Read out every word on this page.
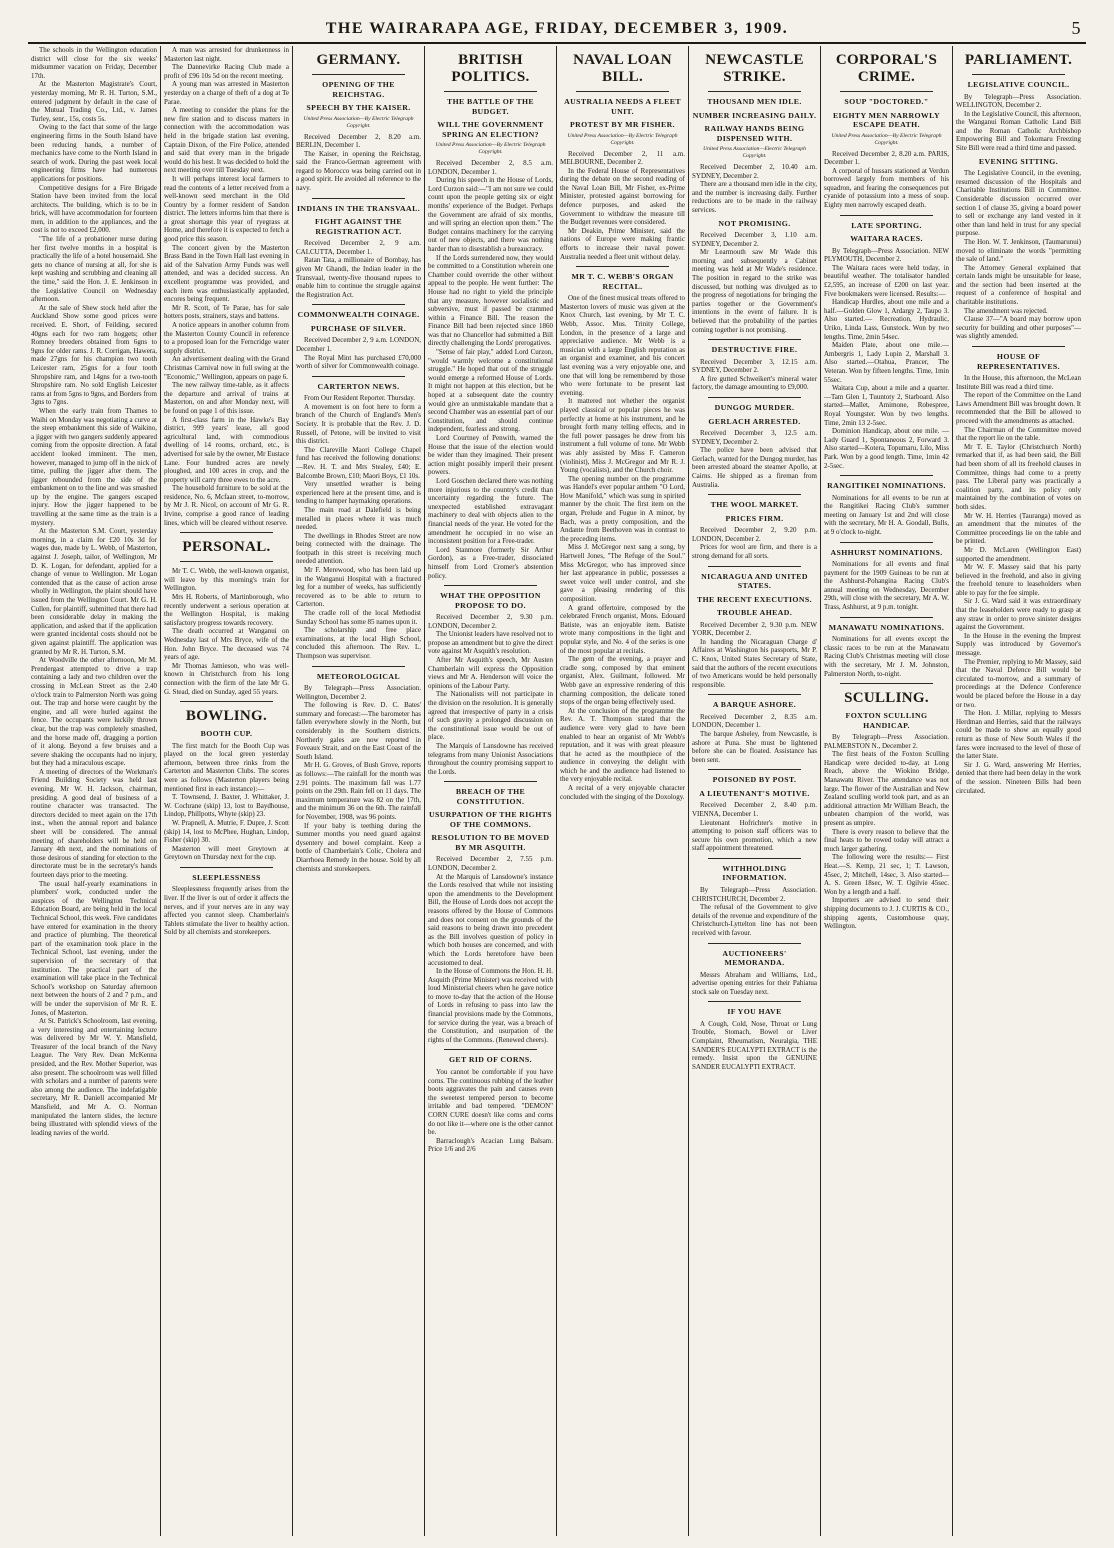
THE WAIRARAPA AGE, FRIDAY, DECEMBER 3, 1909.	5

The schools in the Wellington education district will close for the six weeks' midsummer vacation on Friday, December 17th.

At the Masterton Magistrate's Court, yesterday morning, Mr R. H. Turton, S.M., entered judgment by default in the case of the Mutual Trading Co., Ltd., v. James Turley, senr., 15s, costs 5s.

Owing to the fact that some of the large engineering firms in the South Island have been reducing hands, a number of mechanics have come to the North Island in search of work. During the past week local engineering firms have had numerous applications for positions.

Competitive designs for a Fire Brigade Station have been invited from the local architects. The building, which is to be in brick, will have accommodation for fourteen men, in addition to the appliances, and the cost is not to exceed £2,000.

"The life of a probationer nurse during her first twelve months in a hospital is practically the life of a hotel housemaid. She gets no chance of nursing at all, for she is kept washing and scrubbing and cleaning all the time," said the Hon. J. E. Jenkinson in the Legislative Council on Wednesday afternoon.

At the sale of Shew stock held after the Auckland Show some good prices were received. E. Short, of Feilding, secured 40gns each for two ram hoggets; other Romney breeders obtained from 6gns to 9gns for older rams. J. R. Corrigan, Hawera, made 27gns for his champion two tooth Leicester ram, 25gns for a four tooth Shropshire ram, and 14gns for a two-tooth Shropshire ram. No sold English Leicester rams at from 5gns to 9gns, and Borders from 3gns to 7gns.

When the early train from Thames to Waihi on Monday was negotiating a curve at the steep embankment this side of Waikino, a jigger with two gangers suddenly appeared coming from the opposite direction. A fatal accident looked imminent. The men, however, managed to jump off in the nick of time, pulling the jigger after them. The jigger rebounded from the side of the embankment on to the line and was smashed up by the engine. The gangers escaped injury. How the jigger happened to be travelling at the same time as the train is a mystery.

At the Masterton S.M. Court, yesterday morning, in a claim for £20 10s 3d for wages due, made by L. Webb, of Masterton, against J. Joseph, tailor, of Wellington, Mr D. K. Logan, for defendant, applied for a change of venue to Wellington. Mr Logan contended that as the cause of action arose wholly in Wellington, the plaint should have issued from the Wellington Court. Mr G. H. Cullen, for plaintiff, submitted that there had been considerable delay in making the application, and asked that if the application were granted incidental costs should not be given against plaintiff. The application was granted by Mr R. H. Turton, S.M.

At Woodville the other afternoon, Mr M. Prendergast attempted to drive a trap containing a lady and two children over the crossing in McLean Street as the 2.40 o'clock train to Palmerston North was going out. The trap and horse were caught by the engine, and all were hurled against the fence. The occupants were luckily thrown clear, but the trap was completely smashed, and the horse made off, dragging a portion of it along. Beyond a few bruises and a severe shaking the occupants had no injury, but they had a miraculous escape.

A meeting of directors of the Workman's Friend Building Society was held last evening, Mr W. H. Jackson, chairman, presiding. A good deal of business of a routine character was transacted. The directors decided to meet again on the 17th inst., when the annual report and balance sheet will be considered. The annual meeting of shareholders will be held on January 4th next, and the nominations of those desirous of standing for election to the directorate must be in the secretary's hands fourteen days prior to the meeting.

The usual half-yearly examinations in plumbers' work, conducted under the auspices of the Wellington Technical Education Board, are being held in the local Technical School, this week. Five candidates have entered for examination in the theory and practice of plumbing. The theoretical part of the examination took place in the Technical School, last evening, under the supervision of the secretary of that institution. The practical part of the examination will take place in the Technical School's workshop on Saturday afternoon next between the hours of 2 and 7 p.m., and will be under the supervision of Mr R. E. Jones, of Masterton.

At St. Patrick's Schoolroom, last evening, a very interesting and entertaining lecture was delivered by Mr W. Y. Mansfield, Treasurer of the local branch of the Navy League. The Very Rev. Dean McKenna presided, and the Rev. Mother Superior, was also present. The schoolroom was well filled with scholars and a number of parents were also among the audience. The indefatigable secretary, Mr R. Daniell accompanied Mr Mansfield, and Mr A. O. Norman manipulated the lantern slides, the lecture being illustrated with splendid views of the leading navies of the world.

A man was arrested for drunkenness in Masterton last night.

The Dannevirke Racing Club made a profit of £96 10s 5d on the recent meeting.

A young man was arrested in Masterton yesterday on a charge of theft of a dog at Te Parae.

A meeting to consider the plans for the new fire station and to discuss matters in connection with the accommodation was held in the brigade station last evening, Captain Dixon, of the Fire Police, attended and said that every man in the brigade would do his best. It was decided to hold the next meeting over till Tuesday next.

It will perhaps interest local farmers to read the contents of a letter received from a well-known seed merchant in the Old Country by a former resident of Sandon district. The letters informs him that there is a great shortage this year of ryegrass at Home, and therefore it is expected to fetch a good price this season.

The concert given by the Masterton Brass Band in the Town Hall last evening in aid of the Salvation Army Funds was well attended, and was a decided success. An excellent programme was provided, and each item was enthusiastically applauded, encores being frequent.

Mr R. Scott, of Te Parae, has for sale hotters posts, strainers, stays and battens.

A notice appears in another column from the Masterton County Council in reference to a proposed loan for the Ferncridge water supply district.

An advertisement dealing with the Grand Christmas Carnival now in full swing at the "Economic," Wellington, appears on page 6.

The new railway time-table, as it affects the departure and arrival of trains at Masterton, on and after Monday next, will be found on page 1 of this issue.

A first-class farm in the Hawke's Bay district, 999 years' lease, all good agricultural land, with commodious dwelling of 14 rooms, orchard, etc., is advertised for sale by the owner, Mr Eustace Lane. Four hundred acres are newly ploughed, and 100 acres in crop, and the property will carry three ewes to the acre.

The household furniture to be sold at the residence, No. 6, Mcfaan street, to-morrow, by Mr J. R. Nicol, on account of Mr G. R. Irvine, comprise a good rance of leading lines, which will be cleared without reserve.

PERSONAL.

Mr T. C. Webb, the well-known organist, will leave by this morning's train for Wellington.

Mrs H. Roberts, of Martinborough, who recently underwent a serious operation at the Wellington Hospital, is making satisfactory progress towards recovery.

The death occurred at Wanganui on Wednesday last of Mrs Bryce, wife of the Hon. John Bryce. The deceased was 74 years of age.

Mr Thomas Jamieson, who was well-known in Christchurch from his long connection with the firm of the late Mr G. G. Stead, died on Sunday, aged 55 years.

BOWLING.
BOOTH CUP.

The first match for the Booth Cup was played on the local green yesterday afternoon, between three rinks from the Carterton and Masterton Clubs. The scores were as follows (Masterton players being mentioned first in each instance):—

T. Townsend, J. Baxter, J. Whittaker, J. W. Cochrane (skip) 13, lost to Baydhouse, Lindop, Phillpotts, Whyte (skip) 23.

W. Prapnell, A. Mutrie, F. Dupre, J. Scott (skip) 14, lost to McPhee, Hughan, Lindop, Fisher (skip) 30.

Masterton will meet Greytown at Greytown on Thursday next for the cup.

SLEEPLESSNESS

Sleeplessness frequently arises from the liver. If the liver is out of order it affects the nerves, and if your nerves are in any way affected you cannot sleep. Chamberlain's Tablets stimulate the liver to healthy action. Sold by all chemists and storekeepers.

GERMANY.
OPENING OF THE REICHSTAG.
SPEECH BY THE KAISER.
United Press Association—By Electric Telegraph Copyright.

Received December 2, 8.20 a.m. BERLIN, December 1.

The Kaiser, in opening the Reichstag, said the Franco-German agreement with regard to Morocco was being carried out in a good spirit. He avoided all reference to the navy.

INDIANS IN THE TRANSVAAL.
FIGHT AGAINST THE REGISTRATION ACT.

Received December 2, 9 a.m. CALCUTTA, December 1.

Ratan Tata, a millionaire of Bombay, has given Mr Ghandi, the Indian leader in the Transvaal, twenty-five thousand rupees to enable him to continue the struggle against the Registration Act.

COMMONWEALTH COINAGE.
PURCHASE OF SILVER.

Received December 2, 9 a.m. LONDON, December 1.

The Royal Mint has purchased £70,000 worth of silver for Commonwealth coinage.

CARTERTON NEWS.

From Our Resident Reporter. Thursday.

A movement is on foot here to form a branch of the Church of England's Men's Society. It is probable that the Rev. J. D. Russell, of Petone, will be invited to visit this district.

The Clareville Maori College Chapel fund has received the following donations:—Rev. H. T. and Mrs Stealey, £40; E. Balcombe Brown, £10; Maori Boys, £1 10s.

Very unsettled weather is being experienced here at the present time, and is tending to hamper haymaking operations.

The main road at Dalefield is being metalled in places where it was much needed.

The dwellings in Rhodes Street are now being connected with the drainage. The footpath in this street is receiving much needed attention.

Mr F. Merewood, who has been laid up in the Wanganui Hospital with a fractured leg for a number of weeks, has sufficiently recovered as to be able to return to Carterton.

The cradle roll of the local Methodist Sunday School has some 85 names upon it.

The scholarship and free place examinations, at the local High School, concluded this afternoon. The Rev. L. Thompson was supervisor.

METEOROLOGICAL

By Telegraph—Press Association. Wellington, December 2.

The following is Rev. D. C. Bates' summary and forecast:—The barometer has fallen everywhere slowly in the North, but considerably in the Southern districts. Northerly gales are now reported in Foveaux Strait, and on the East Coast of the South Island.

Mr H. G. Groves, of Bush Grove, reports as follows:—The rainfall for the month was 2.91 points. The maximum fall was 1.77 points on the 29th. Rain fell on 11 days. The maximum temperature was 82 on the 17th, and the minimum 36 on the 6th. The rainfall for November, 1908, was 96 points.

If your baby is teething during the Summer months you need guard against dysentery and bowel complaint. Keep a bottle of Chamberlain's Colic, Cholera and Diarrhoea Remedy in the house. Sold by all chemists and storekeepers.

BRITISH POLITICS.
THE BATTLE OF THE BUDGET.
WILL THE GOVERNMENT SPRING AN ELECTION?
United Press Association—By Electric Telegraph Copyright.

Received December 2, 8.5 a.m. LONDON, December 1.

During his speech in the House of Lords, Lord Curzon said:—"I am not sure we could count upon the people getting six or eight months' experience of the Budget. Perhaps the Government are afraid of six months, and will spring an election upon them." The Budget contains machinery for the carrying out of new objects, and there was nothing harder than to disestablish a bureaucracy.

If the Lords surrendered now, they would be committed to a Constitution wherein one Chamber could override the other without appeal to the people. He went further: The House had no right to yield the principle that any measure, however socialistic and subversive, must if passed be crammed within a Finance Bill. The reason the Finance Bill had been rejected since 1860 was that no Chancellor had submitted a Bill directly challenging the Lords' prerogatives.

"Sense of fair play," added Lord Curzon, "would warmly welcome a constitutional struggle." He hoped that out of the struggle would emerge a reformed House of Lords. It might not happen at this election, but he hoped at a subsequent date the country would give an unmistakable mandate that a second Chamber was an essential part of our Constitution, and should continue independent, fearless and strong.

Lord Courtney of Penwith, warned the House that the issue of the election would be wider than they imagined. Their present action might possibly imperil their present powers.

Lord Goschen declared there was nothing more injurious to the country's credit than uncertainty regarding the future. The unexpected established extravagant machinery to deal with objects alien to the financial needs of the year. He voted for the amendment he occupied in no wise an inconsistent position for a Free-trader.

Lord Stanmore (formerly Sir Arthur Gordon), as a Free-trader, dissociated himself from Lord Cromer's abstention policy.

WHAT THE OPPOSITION PROPOSE TO DO.

Received December 2, 9.30 p.m. LONDON, December 2.

The Unionist leaders have resolved not to propose an amendment but to give the direct vote against Mr Asquith's resolution.

After Mr Asquith's speech, Mr Austen Chamberlain will express the Opposition views and Mr A. Henderson will voice the opinions of the Labour Party.

The Nationalists will not participate in the division on the resolution. It is generally agreed that irrespective of party in a crisis of such gravity a prolonged discussion on the constitutional issue would be out of place.

The Marquis of Lansdowne has received telegrams from many Unionist Associations throughout the country promising support to the Lords.

BREACH OF THE CONSTITUTION.
USURPATION OF THE RIGHTS OF THE COMMONS.
RESOLUTION TO BE MOVED BY MR ASQUITH.

Received December 2, 7.55 p.m. LONDON, December 2.

At the Marquis of Lansdowne's instance the Lords resolved that while not insisting upon the amendments to the Development Bill, the House of Lords does not accept the reasons offered by the House of Commons and does not consent on the grounds of the said reasons to being drawn into precedent as the Bill involves question of policy in which both houses are concerned, and with which the Lords heretofore have been accustomed to deal.

In the House of Commons the Hon. H. H. Asquith (Prime Minister) was received with loud Ministerial cheers when he gave notice to move to-day that the action of the House of Lords in refusing to pass into law the financial provisions made by the Commons, for service during the year, was a breach of the Constitution, and usurpation of the rights of the Commons. (Renewed cheers).

GET RID OF CORNS.

You cannot be comfortable if you have corns. The continuous rubbing of the leather boots aggravates the pain and causes even the sweetest tempered person to become irritable and bad tempered. "DEMON" CORN CURE doesn't like corns and corns do not like it—where one is the other cannot be.

Barraclough's Acacian Lung Balsam. Price 1/6 and 2/6

NAVAL LOAN BILL.
AUSTRALIA NEEDS A FLEET UNIT.
PROTEST BY MR FISHER.
United Press Association—By Electric Telegraph Copyright.

Received December 2, 11 a.m. MELBOURNE, December 2.

In the Federal House of Representatives during the debate on the second reading of the Naval Loan Bill, Mr Fisher, ex-Prime Minister, protested against borrowing for defence purposes, and asked the Government to withdraw the measure till the Budget revenues were considered.

Mr Deakin, Prime Minister, said the nations of Europe were making frantic efforts to increase their naval power. Australia needed a fleet unit without delay.

MR T. C. WEBB'S ORGAN RECITAL.

One of the finest musical treats offered to Masterton lovers of music was given at the Knox Church, last evening, by Mr T. C. Webb, Assoc. Mus. Trinity College, London, in the presence of a large and appreciative audience. Mr Webb is a musician with a large English reputation as an organist and examiner, and his concert last evening was a very enjoyable one, and one that will long be remembered by those who were fortunate to be present last evening.

It mattered not whether the organist played classical or popular pieces he was perfectly at home at his instrument, and he brought forth many telling effects, and in the full power passages he drew from his instrument a full volume of tone. Mr Webb was ably assisted by Miss F. Cameron (violinist), Miss J. McGregor and Mr R. J. Young (vocalists), and the Church choir.

The opening number on the programme was Handel's ever popular anthem "O Lord, How Manifold," which was sung in spirited manner by the choir. The first item on the organ, Prelude and Fugue in A minor, by Bach, was a pretty composition, and the Andante from Beethoven was in contrast to the preceding items.

Miss J. McGregor next sang a song, by Hartwell Jones, "The Refuge of the Soul." Miss McGregor, who has improved since her last appearance in public, possesses a sweet voice well under control, and she gave a pleasing rendering of this composition.

A grand offertoire, composed by the celebrated French organist, Mons. Edouard Batiste, was an enjoyable item. Batiste wrote many compositions in the light and popular style, and No. 4 of the series is one of the most popular at recitals.

The gem of the evening, a prayer and cradle song, composed by that eminent organist, Alex. Guilmant, followed. Mr Webb gave an expressive rendering of this charming composition, the delicate toned stops of the organ being effectively used.

At the conclusion of the programme the Rev. A. T. Thompson stated that the audience were very glad to have been enabled to hear an organist of Mr Webb's reputation, and it was with great pleasure that he acted as the mouthpiece of the audience in conveying the delight with which he and the audience had listened to the very enjoyable recital.

A recital of a very enjoyable character concluded with the singing of the Doxology.

NEWCASTLE STRIKE.
THOUSAND MEN IDLE.
NUMBER INCREASING DAILY.
RAILWAY HANDS BEING DISPENSED WITH.
United Press Association—Electric Telegraph Copyright.

Received December 2, 10.40 a.m. SYDNEY, December 2.

There are a thousand men idle in the city, and the number is increasing daily. Further reductions are to be made in the railway services.

NOT PROMISING.

Received December 3, 1.10 a.m. SYDNEY, December 2.

Mr Learmouth saw Mr Wade this morning and subsequently a Cabinet meeting was held at Mr Wade's residence. The position in regard to the strike was discussed, but nothing was divulged as to the progress of negotiations for bringing the parties together or the Government's intentions in the event of failure. It is believed that the probability of the parties coming together is not promising.

DESTRUCTIVE FIRE.

Received December 3, 12.15 a.m. SYDNEY, December 2.

A fire gutted Schweikert's mineral water factory, the damage amounting to £9,000.

DUNGOG MURDER.
GERLACH ARRESTED.

Received December 3, 12.5 a.m. SYDNEY, December 2.

The police have been advised that Gerlach, wanted for the Dungog murder, has been arrested aboard the steamer Apollo, at Cairns. He shipped as a fireman from Australia.

THE WOOL MARKET.
PRICES FIRM.

Received December 2, 9.20 p.m. LONDON, December 2.

Prices for wool are firm, and there is a strong demand for all sorts.

NICARAGUA AND UNITED STATES.
THE RECENT EXECUTIONS.
TROUBLE AHEAD.

Received December 2, 9.30 p.m. NEW YORK, December 2.

In handing the Nicaraguan Charge d' Affaires at Washington his passports, Mr P. C. Knox, United States Secretary of State, said that the authors of the recent executions of two Americans would be held personally responsible.

A BARQUE ASHORE.

Received December 2, 8.35 a.m. LONDON, December 1.

The barque Asheley, from Newcastle, is ashore at Puna. She must be lightened before she can be floated. Assistance has been sent.

POISONED BY POST.
A LIEUTENANT'S MOTIVE.

Received December 2, 8.40 p.m. VIENNA, December 1.

Lieutenant Hofrichter's motive in attempting to poison staff officers was to secure his own promotion, which a new staff appointment threatened.

WITHHOLDING INFORMATION.

By Telegraph—Press Association. CHRISTCHURCH, December 2.

The refusal of the Government to give details of the revenue and expenditure of the Christchurch-Lyttelton line has not been received with favour.

AUCTIONEERS' MEMORANDA.

Messrs Abraham and Williams, Ltd., advertise opening entries for their Pahiatua stock sale on Tuesday next.

IF YOU HAVE

A Cough, Cold, Nose, Throat or Lung Trouble, Stomach, Bowel or Liver Complaint, Rheumatism, Neuralgia, THE SANDER'S EUCALYPTI EXTRACT is the remedy. Insist upon the GENUINE SANDER EUCALYPTI EXTRACT.

CORPORAL'S CRIME.
SOUP "DOCTORED."
EIGHTY MEN NARROWLY ESCAPE DEATH.
United Press Association—By Electric Telegraph Copyright.

Received December 2, 8.20 a.m. PARIS, December 1.

A corporal of hussars stationed at Verdun borrowed largely from members of his squadron, and fearing the consequences put cyanide of potassium into a mess of soup. Eighty men narrowly escaped death.

LATE SPORTING.
WAITARA RACES.

By Telegraph—Press Association. NEW PLYMOUTH, December 2.

The Waitara races were held today, in beautiful weather. The totalisator handled £2,595, an increase of £200 on last year. Five bookmakers were licensed. Results:—

Handicap Hurdles, about one mile and a half.—Golden Glow 1, Ardargy 2, Taupo 3. Also started.— Recreation, Hydraulic, Uriko, Linda Lass, Gunstock. Won by two lengths. Time, 2min 54sec.

Maiden Plate, about one mile.— Ambergris 1, Lady Lupin 2, Marshall 3. Also started.—Otahua, Prancer, The Veteran. Won by fifteen lengths. Time, 1min 55sec.

Waitara Cup, about a mile and a quarter.—Tam Glen 1, Tuuntoty 2, Starboard. Also started—Mallet, Amimone, Robespree, Royal Youngster. Won by two lengths. Time, 2min 13 2-5sec.

Dominion Handicap, about one mile. —Lady Guard 1, Spontaneous 2, Forward 3. Also started—Kotera, Topumaru, Lilo, Miss Park. Won by a good length. Time, 1min 42 2-5sec.

RANGITIKEI NOMINATIONS.

Nominations for all events to be run at the Rangitikei Racing Club's summer meeting on January 1st and 2nd will close with the secretary, Mr H. A. Goodall, Bulls, at 9 o'clock to-night.

ASHHURST NOMINATIONS.

Nominations for all events and final payment for the 1909 Guineas to be run at the Ashhurst-Pohangina Racing Club's annual meeting on Wednesday, December 29th, will close with the secretary, Mr A. W. Trass, Ashhurst, at 9 p.m. tonight.

MANAWATU NOMINATIONS.

Nominations for all events except the classic races to be run at the Manawatu Racing Club's Christmas meeting will close with the secretary, Mr J. M. Johnston, Palmerston North, to-night.

SCULLING.
FOXTON SCULLING HANDICAP.

By Telegraph—Press Association. PALMERSTON N., December 2.

The first heats of the Foxton Sculling Handicap were decided to-day, at Long Reach, above the Wiokino Bridge, Manawatu River. The attendance was not large. The flower of the Australian and New Zealand sculling world took part, and as an additional attraction Mr William Beach, the unbeaten champion of the world, was present as umpire.

There is every reason to believe that the final heats to be rowed today will attract a much larger gathering.

The following were the results:— First Heat.—S. Kemp, 21 sec, 1; T. Lawson, 45sec, 2; Mitchell, 14sec, 3. Also started—A. S. Green 18sec, W. T. Ogilvie 45sec. Won by a length and a half.

Importers are advised to send their shipping documents to J. J. CURTIS & CO., shipping agents, Customhouse quay, Wellington.

PARLIAMENT.
LEGISLATIVE COUNCIL.

By Telegraph—Press Association. WELLINGTON, December 2.

In the Legislative Council, this afternoon, the Wanganui Roman Catholic Land Bill and the Roman Catholic Archbishop Empowering Bill and Tokomaru Freezing Site Bill were read a third time and passed.

EVENING SITTING.

The Legislative Council, in the evening, resumed discussion of the Hospitals and Charitable Institutions Bill in Committee. Considerable discussion occurred over section 1 of clause 35, giving a board power to sell or exchange any land vested in it other than land held in trust for any special purpose.

The Hon. W. T. Jenkinson, (Taumarunui) moved to eliminate the words "permitting the sale of land."

The Attorney General explained that certain lands might be unsuitable for lease, and the section had been inserted at the request of a conference of hospital and charitable institutions.

The amendment was rejected.

Clause 37—"A board may borrow upon security for building and other purposes"—was slightly amended.

HOUSE OF REPRESENTATIVES.

In the House, this afternoon, the McLean Institute Bill was read a third time.

The report of the Committee on the Land Laws Amendment Bill was brought down. It recommended that the Bill be allowed to proceed with the amendments as attached.

The Chairman of the Committee moved that the report lie on the table.

Mr T. E. Taylor (Christchurch North) remarked that if, as had been said, the Bill had been shorn of all its freehold clauses in Committee, things had come to a pretty pass. The Liberal party was practically a coalition party, and its policy only maintained by the combination of votes on both sides.

Mr W. H. Herries (Tauranga) moved as an amendment that the minutes of the Committee proceedings lie on the table and be printed.

Mr D. McLaren (Wellington East) supported the amendment.

Mr W. F. Massey said that his party believed in the freehold, and also in giving the freehold tenure to leaseholders when able to pay for the fee simple.

Sir J. G. Ward said it was extraordinary that the leaseholders were ready to grasp at any straw in order to prove sinister designs against the Government.

In the House in the evening the Imprest Supply was introduced by Governor's message.

The Premier, replying to Mr Massey, said that the Naval Defence Bill would be circulated to-morrow, and a summary of proceedings at the Defence Conference would be placed before the House in a day or two.

The Hon. J. Millar, replying to Messrs Herdman and Herries, said that the railways could be made to show an equally good return as those of New South Wales if the fares were increased to the level of those of the latter State.

Sir J. G. Ward, answering Mr Herries, denied that there had been delay in the work of the session. Nineteen Bills had been circulated.
